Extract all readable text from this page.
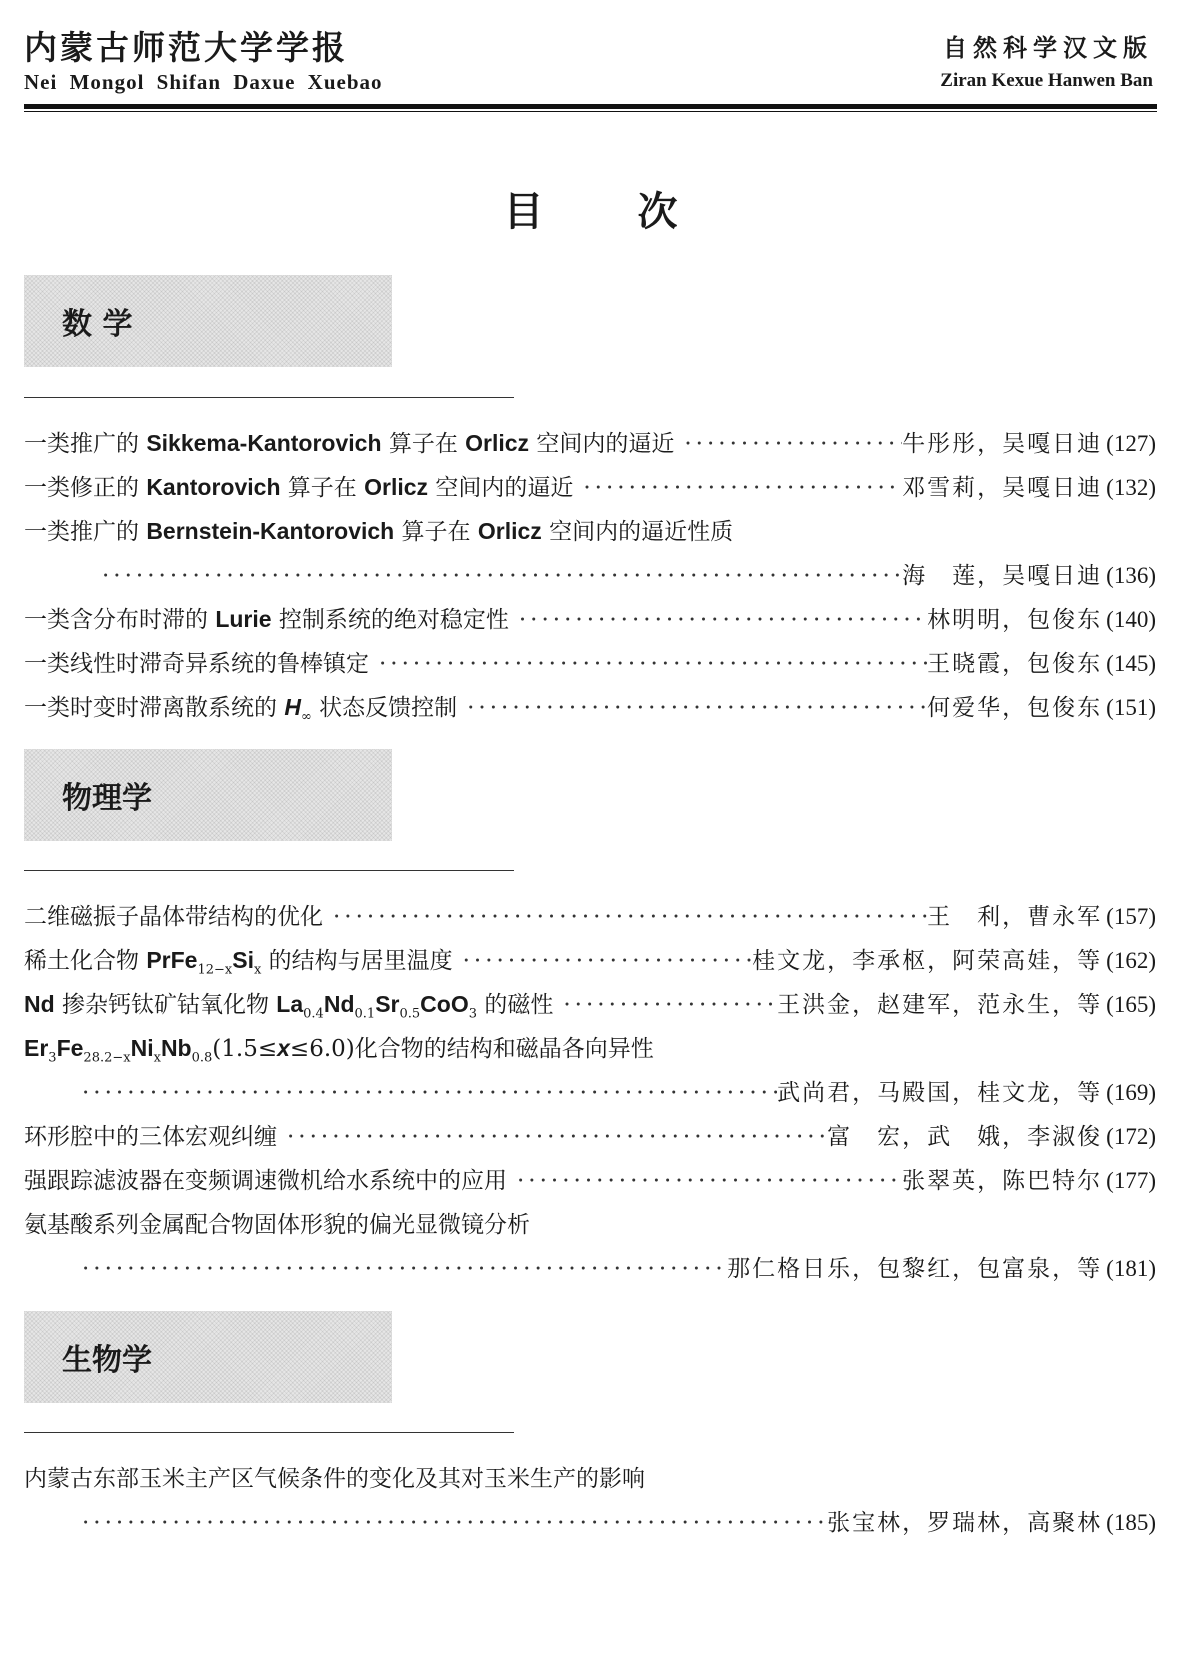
内蒙古师范大学学报
Nei Mongol Shifan Daxue Xuebao
自然科学汉文版
Ziran Kexue Hanwen Ban
目 次
数 学
一类推广的 Sikkema-Kantorovich 算子在 Orlicz 空间内的逼近 ·····	牛彤彤，吴嘎日迪 (127)
一类修正的 Kantorovich 算子在 Orlicz 空间内的逼近 ·····	邓雪莉，吴嘎日迪 (132)
一类推广的 Bernstein-Kantorovich 算子在 Orlicz 空间内的逼近性质
·····
海　莲，吴嘎日迪 (136)
一类含分布时滞的 Lurie 控制系统的绝对稳定性 ·····	林明明，包俊东 (140)
一类线性时滞奇异系统的鲁棒镇定 ·····	王晓霞，包俊东 (145)
一类时变时滞离散系统的 $H_\infty$ 状态反馈控制 ·····	何爱华，包俊东 (151)
物理学
二维磁振子晶体带结构的优化 ·····	王　利，曹永军 (157)
稀土化合物 $PrFe_{12-x}Si_x$ 的结构与居里温度 ·····	桂文龙，李承枢，阿荣高娃，等 (162)
Nd 掺杂钙钛矿钴氧化物 $La_{0.4}Nd_{0.1}Sr_{0.5}CoO_3$ 的磁性 ·····	王洪金，赵建军，范永生，等 (165)
$Er_3Fe_{28.2-x}Ni_xNb_{0.8}(1.5\le x\le 6.0)$化合物的结构和磁晶各向异性
·····
武尚君，马殿国，桂文龙，等 (169)
环形腔中的三体宏观纠缠 ·····	富　宏，武　娥，李淑俊 (172)
强跟踪滤波器在变频调速微机给水系统中的应用 ·····	张翠英，陈巴特尔 (177)
氨基酸系列金属配合物固体形貌的偏光显微镜分析
·····
那仁格日乐，包黎红，包富泉，等 (181)
生物学
内蒙古东部玉米主产区气候条件的变化及其对玉米生产的影响
·····
张宝林，罗瑞林，高聚林 (185)
